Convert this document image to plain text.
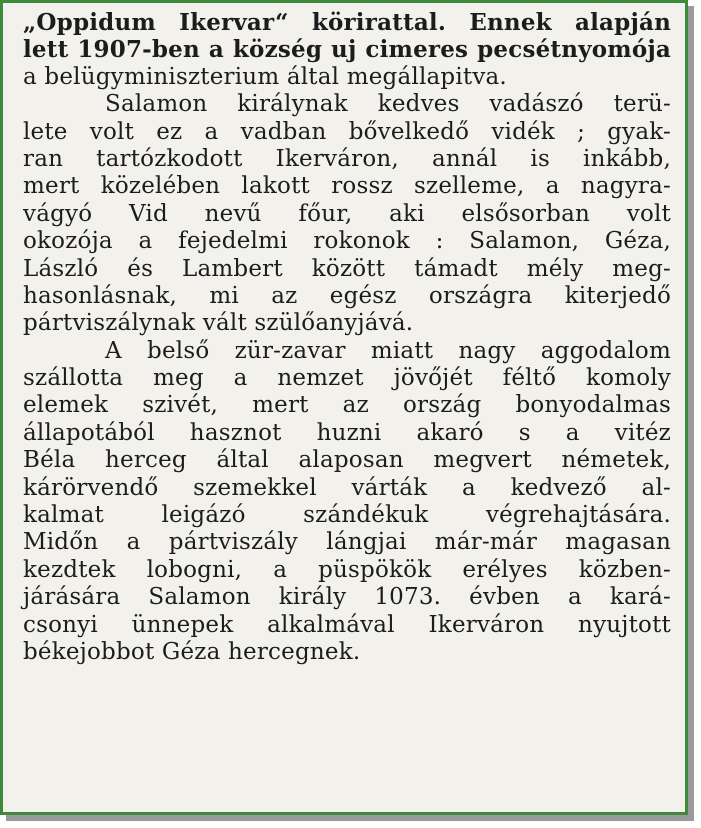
„Oppidum Ikervar“ körirattal. Ennek alapján
lett 1907-ben a község uj cimeres pecsétnyomója
a belügyminiszterium által megállapitva.
Salamon királynak kedves vadászó terü-
lete volt ez a vadban bővelkedő vidék ; gyak-
ran tartózkodott Ikerváron, annál is inkább,
mert közelében lakott rossz szelleme, a nagyra-
vágyó Vid nevű főur, aki elsősorban volt
okozója a fejedelmi rokonok : Salamon, Géza,
László és Lambert között támadt mély meg-
hasonlásnak, mi az egész országra kiterjedő
pártviszálynak vált szülőanyjává.
A belső zür-zavar miatt nagy aggodalom
szállotta meg a nemzet jövőjét féltő komoly
elemek szivét, mert az ország bonyodalmas
állapotából hasznot huzni akaró s a vitéz
Béla herceg által alaposan megvert németek,
kárörvendő szemekkel várták a kedvező al-
kalmat leigázó szándékuk végrehajtására.
Midőn a pártviszály lángjai már-már magasan
kezdtek lobogni, a püspökök erélyes közben-
járására Salamon király 1073. évben a kará-
csonyi ünnepek alkalmával Ikerváron nyujtott
békejobbot Géza hercegnek.
